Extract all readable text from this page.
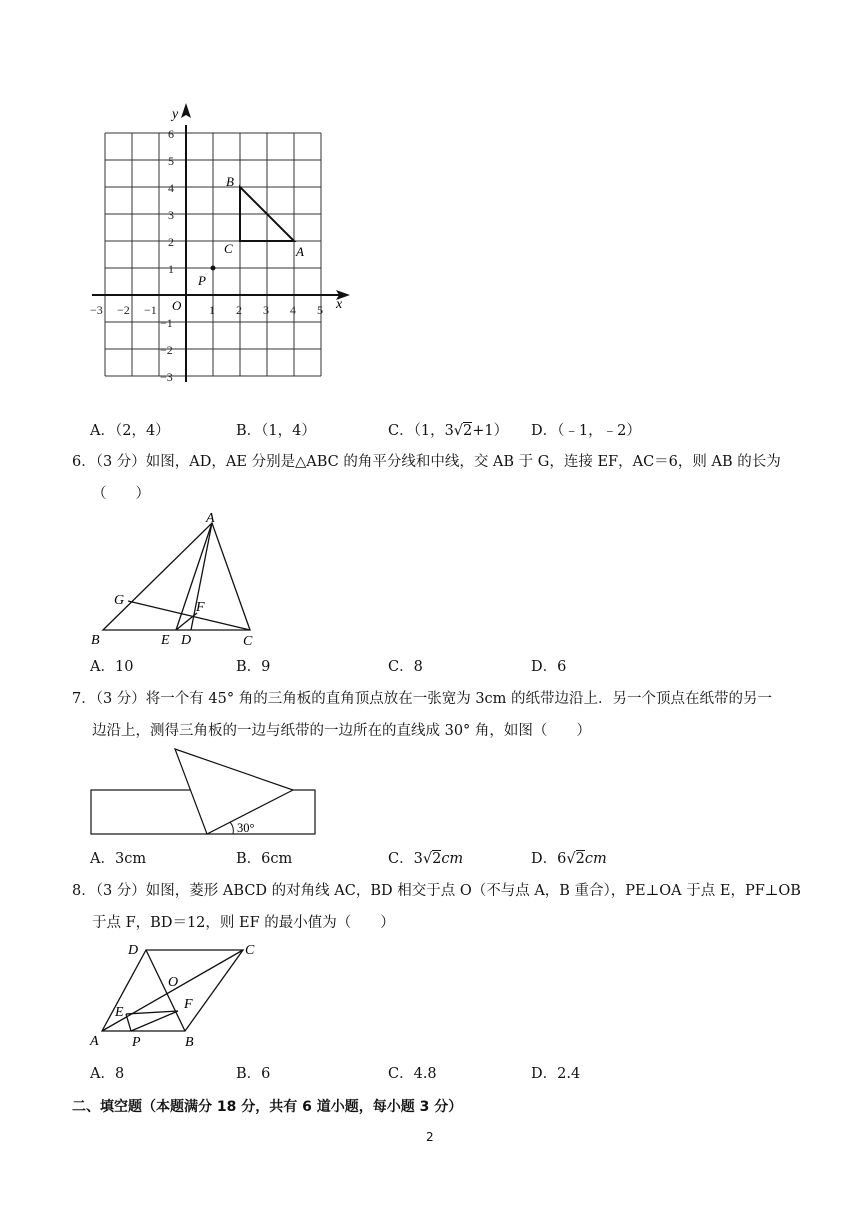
y
x
O
6
5
4
3
2
1
−1
−2
−3
−3 −2 −1	1 2 3 4 5
B
C	A
P
A．（2，4）	B．（1，4）	C．（1，3√2+1） D．（﹣1，﹣2）
6．（3 分）如图，AD，AE 分别是△ABC 的角平分线和中线，交 AB 于 G，连接 EF，AC＝6，则 AB 的长为
（　　）
A
G	F
B	E D	C
A．10	B．9	C．8	D．6
7．（3 分）将一个有 45° 角的三角板的直角顶点放在一张宽为 3cm 的纸带边沿上．另一个顶点在纸带的另一
边沿上，测得三角板的一边与纸带的一边所在的直线成 30° 角，如图（　　）
30°
A．3cm	B．6cm	C．3√2cm	D．6√2cm
8．（3 分）如图，菱形 ABCD 的对角线 AC，BD 相交于点 O（不与点 A，B 重合），PE⊥OA 于点 E，PF⊥OB
于点 F，BD＝12，则 EF 的最小值为（　　）
D	C
O
E
F
A P	B
A．8	B．6	C．4.8	D．2.4
二、填空题（本题满分 18 分，共有 6 道小题，每小题 3 分）
2
